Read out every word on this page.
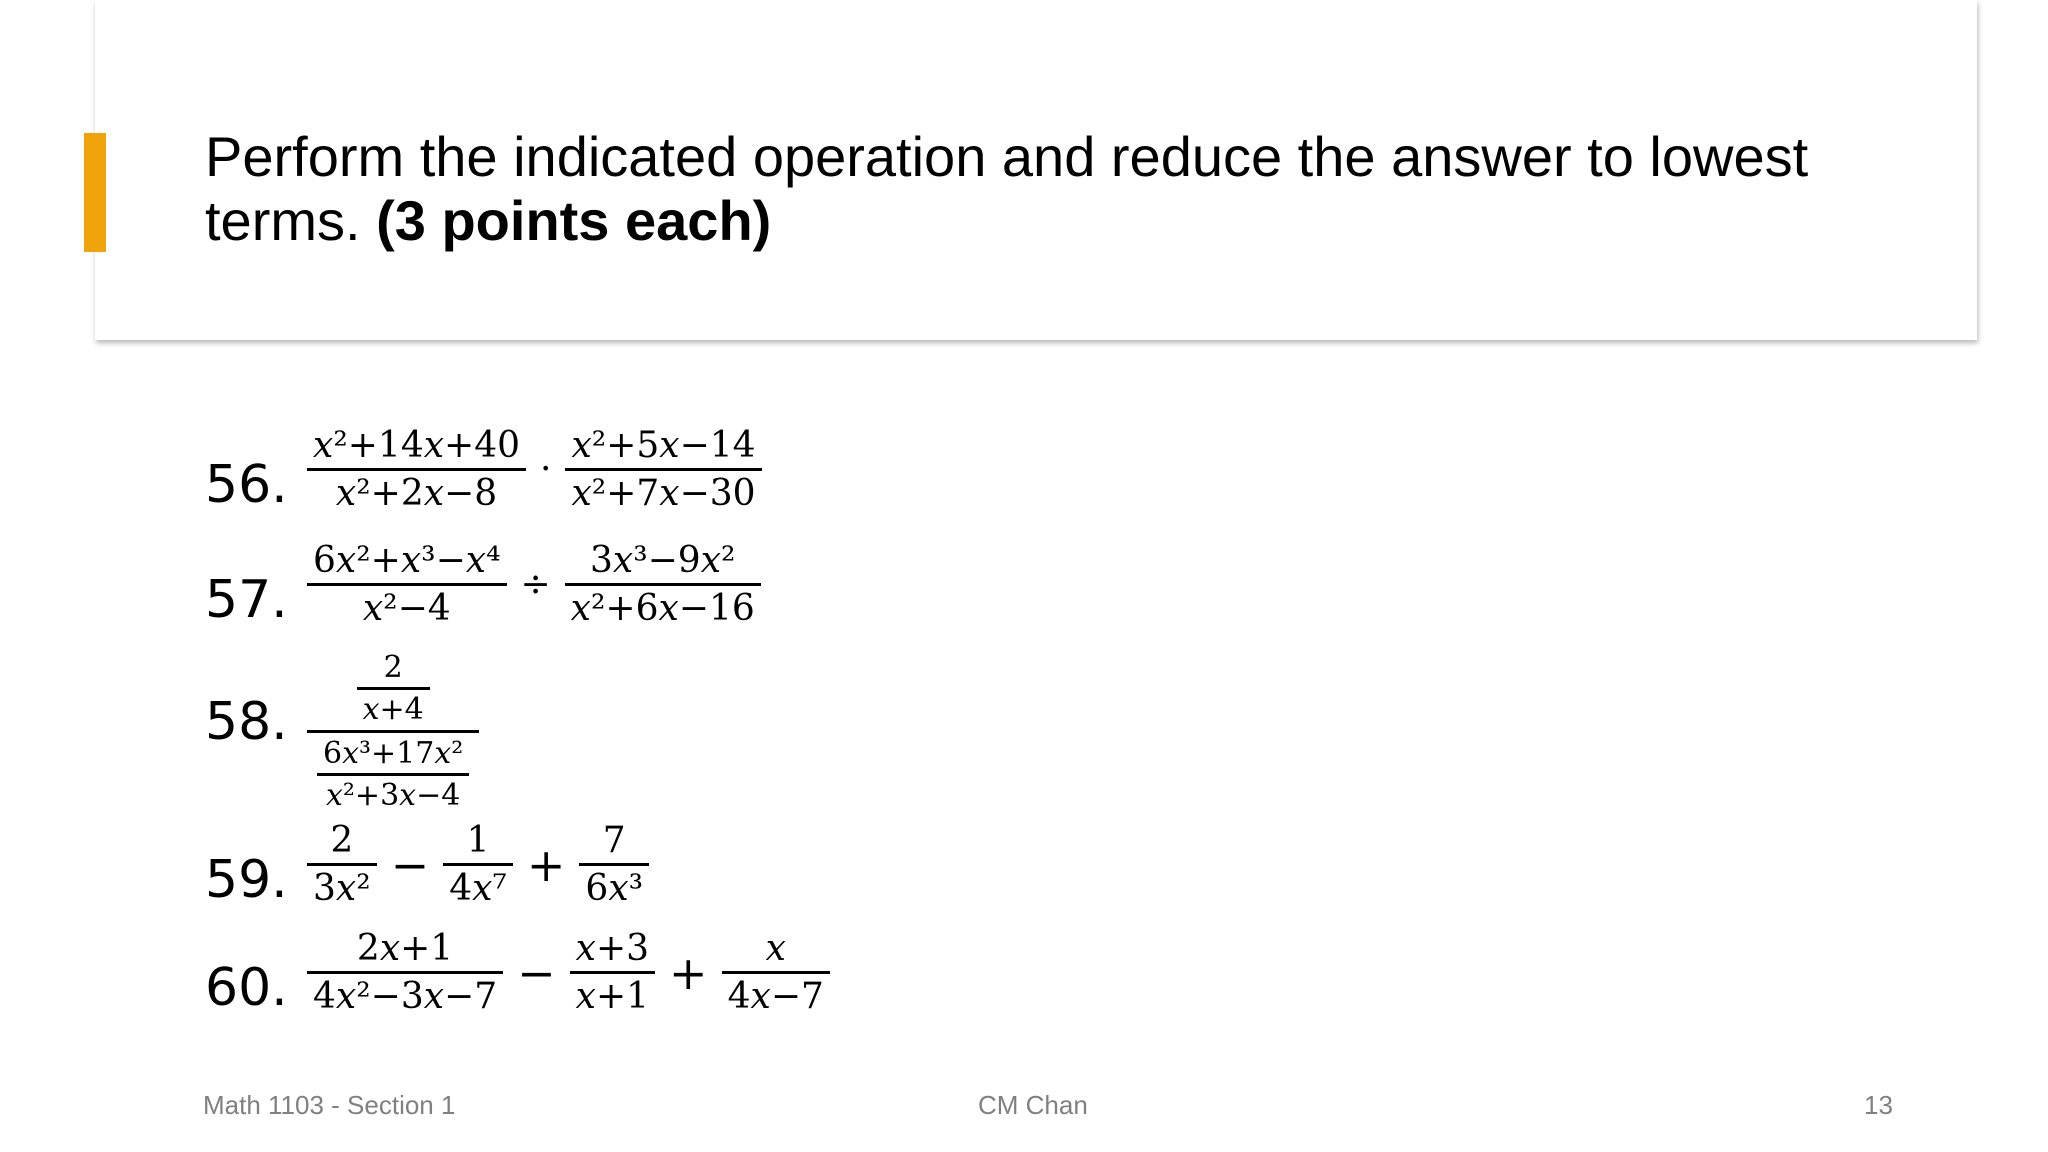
Perform the indicated operation and reduce the answer to lowest terms. (3 points each)
56. $\frac{\text{x²+14x+40}}{\text{x²+2x−8}} \cdot \frac{\text{x²+5x−14}}{\text{x²+7x−30}}$
57. $\frac{\text{6x²+x³−x⁴}}{\text{x²−4}} \div \frac{\text{3x³−9x²}}{\text{x²+6x−16}}$
58. $\frac{\frac{2}{x+4}}{\frac{\text{6x³+17x²}}{\text{x²+3x−4}}}$
59. $\frac{2}{\text{3x²}} - \frac{1}{\text{4x⁷}} + \frac{7}{\text{6x³}}$
60. $\frac{2x+1}{\text{4x²−3x−7}} - \frac{x+3}{x+1} + \frac{x}{4x-7}$
Math 1103 - Section 1	CM Chan	13
